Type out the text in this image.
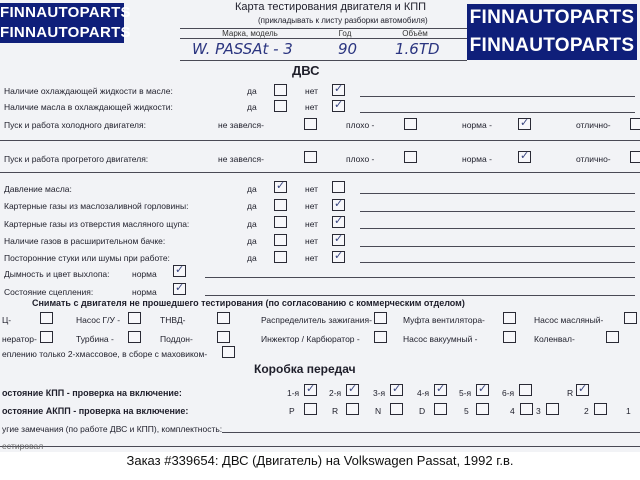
FINNAUTOPARTS
FINNAUTOPARTS
FINNAUTOPARTS
FINNAUTOPARTS
Карта тестирования двигателя и КПП
(прикладывать к листу разборки автомобиля)
Марка, модель	Год	Объём
W. PASSAt - 3	90	1.6TD
ДВС
Наличие охлаждающей жидкости в масле:	да	нет ✓
Наличие масла в охлаждающей жидкости:	да	нет ✓
Пуск и работа холодного двигателя:	не завелся-	плохо -	норма -	✓	отлично-
Пуск и работа прогретого двигателя:	не завелся-	плохо -	норма -	✓	отлично-
Давление масла:	да ✓ нет
Картерные газы из маслозаливной горловины:	да	нет ✓
Картерные газы из отверстия масляного щупа:	да	нет ✓
Наличие газов в расширительном бачке:	да	нет ✓
Посторонние стуки или шумы при работе:	да	нет ✓
Дымность и цвет выхлопа:	норма ✓
Состояние сцепления:	норма ✓
Снимать с двигателя не прошедшего тестирования (по согласованию с коммерческим отделом)
Ц-	Насос Г/У -	ТНВД-	Распределитель зажигания-	Муфта вентилятора-	Насос масляный-
нератор-	Турбина -	Поддон-	Инжектор / Карбюратор -	Насос вакуумный -	Коленвал-
еплению только 2-хмассовое, в сборе с маховиком-
Коробка передач
остояние КПП - проверка на включение:	1-я ✓ 2-я ✓ 3-я ✓ 4-я ✓ 5-я ✓ 6-я	R ✓
остояние АКПП - проверка на включение:	P	R	N	D	5	4	3	2	1
угие замечания (по работе ДВС и КПП), комплектность:
естировал
Заказ #339654: ДВС (Двигатель) на Volkswagen Passat, 1992 г.в.
